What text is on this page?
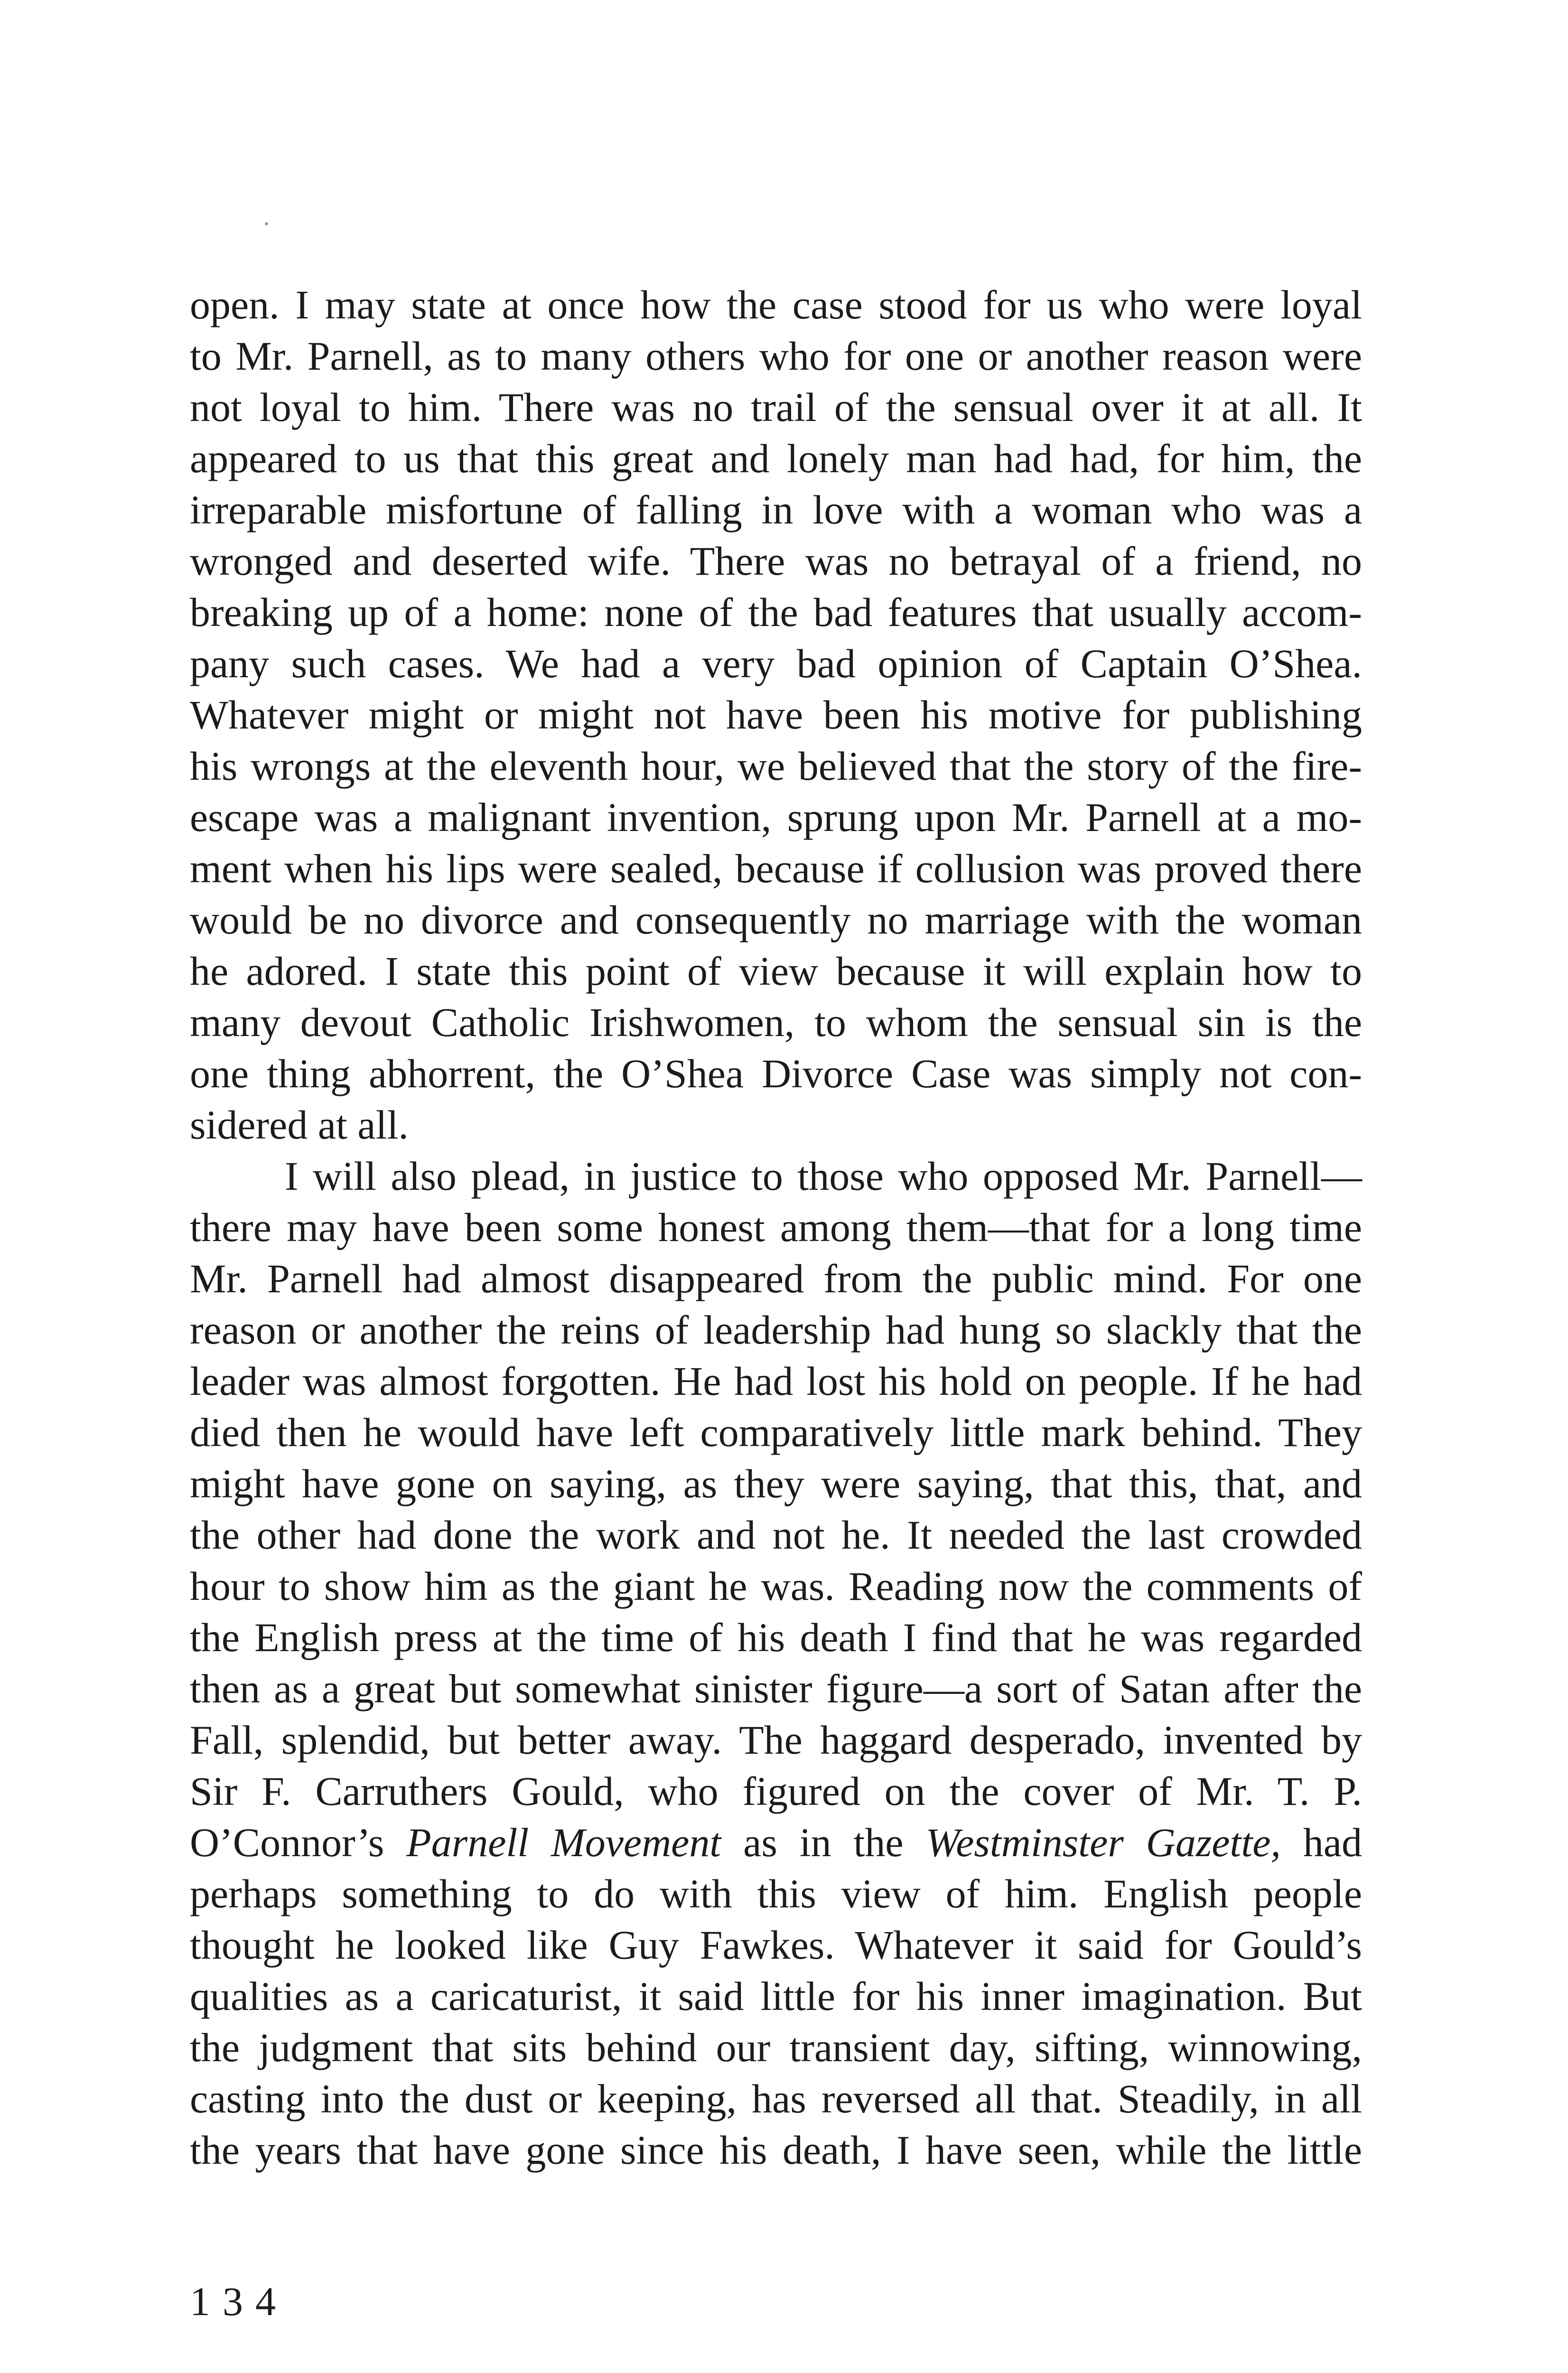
open. I may state at once how the case stood for us who were loyal
to Mr. Parnell, as to many others who for one or another reason were
not loyal to him. There was no trail of the sensual over it at all. It
appeared to us that this great and lonely man had had, for him, the
irreparable misfortune of falling in love with a woman who was a
wronged and deserted wife. There was no betrayal of a friend, no
breaking up of a home: none of the bad features that usually accom-
pany such cases. We had a very bad opinion of Captain O’Shea.
Whatever might or might not have been his motive for publishing
his wrongs at the eleventh hour, we believed that the story of the fire-
escape was a malignant invention, sprung upon Mr. Parnell at a mo-
ment when his lips were sealed, because if collusion was proved there
would be no divorce and consequently no marriage with the woman
he adored. I state this point of view because it will explain how to
many devout Catholic Irishwomen, to whom the sensual sin is the
one thing abhorrent, the O’Shea Divorce Case was simply not con-
sidered at all.
I will also plead, in justice to those who opposed Mr. Parnell—
there may have been some honest among them—that for a long time
Mr. Parnell had almost disappeared from the public mind. For one
reason or another the reins of leadership had hung so slackly that the
leader was almost forgotten. He had lost his hold on people. If he had
died then he would have left comparatively little mark behind. They
might have gone on saying, as they were saying, that this, that, and
the other had done the work and not he. It needed the last crowded
hour to show him as the giant he was. Reading now the comments of
the English press at the time of his death I find that he was regarded
then as a great but somewhat sinister figure—a sort of Satan after the
Fall, splendid, but better away. The haggard desperado, invented by
Sir F. Carruthers Gould, who figured on the cover of Mr. T. P.
O’Connor’s Parnell Movement as in the Westminster Gazette, had
perhaps something to do with this view of him. English people
thought he looked like Guy Fawkes. Whatever it said for Gould’s
qualities as a caricaturist, it said little for his inner imagination. But
the judgment that sits behind our transient day, sifting, winnowing,
casting into the dust or keeping, has reversed all that. Steadily, in all
the years that have gone since his death, I have seen, while the little
134
